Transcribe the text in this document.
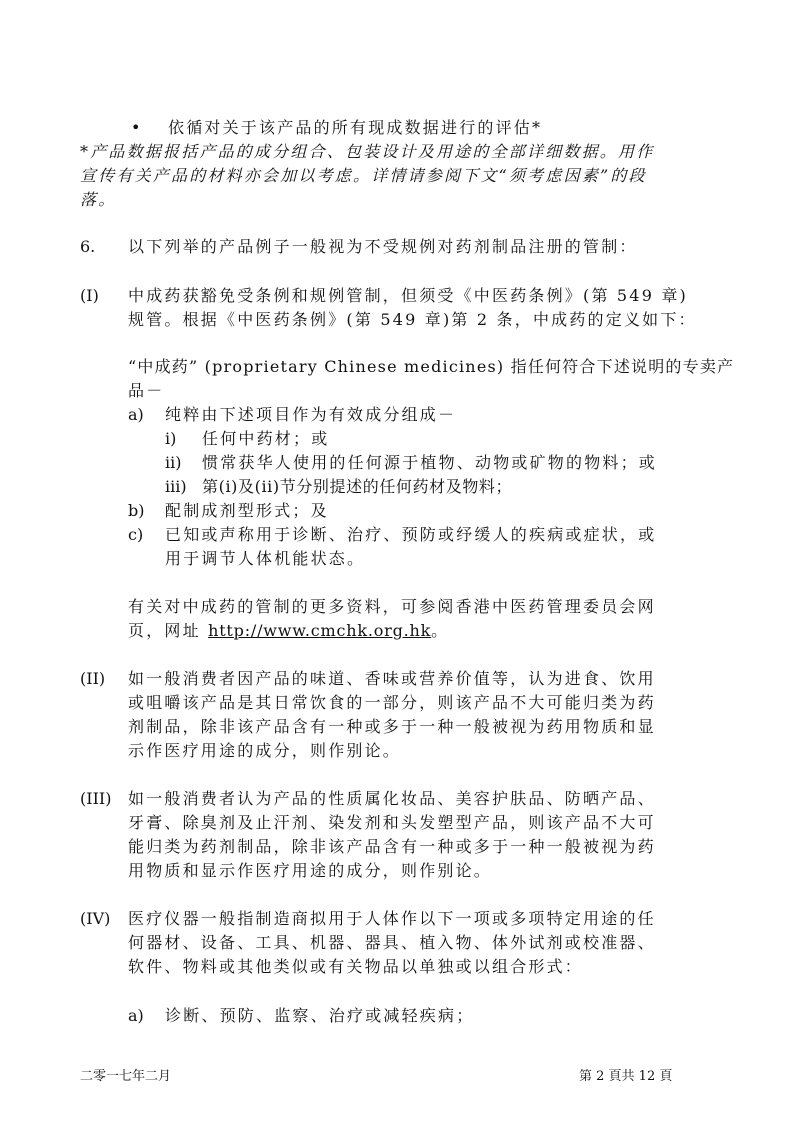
• 依循对关于该产品的所有现成数据进行的评估*
*产品数据报括产品的成分组合、包装设计及用途的全部详细数据。用作
宣传有关产品的材料亦会加以考虑。详情请参阅下文“须考虑因素”的段
落。
6. 以下列举的产品例子一般视为不受规例对药剂制品注册的管制：
(I) 中成药获豁免受条例和规例管制，但须受《中医药条例》(第 549 章)
规管。根据《中医药条例》(第 549 章)第 2 条，中成药的定义如下：
“中成药” (proprietary Chinese medicines) 指任何符合下述说明的专卖产
品－
a) 纯粹由下述项目作为有效成分组成－
i) 任何中药材；或
ii) 惯常获华人使用的任何源于植物、动物或矿物的物料；或
iii) 第(i)及(ii)节分别提述的任何药材及物料；
b) 配制成剂型形式；及
c) 已知或声称用于诊断、治疗、预防或纾缓人的疾病或症状，或
用于调节人体机能状态。
有关对中成药的管制的更多资料，可参阅香港中医药管理委员会网
页，网址 http://www.cmchk.org.hk。
(II) 如一般消费者因产品的味道、香味或营养价值等，认为进食、饮用
或咀嚼该产品是其日常饮食的一部分，则该产品不大可能归类为药
剂制品，除非该产品含有一种或多于一种一般被视为药用物质和显
示作医疗用途的成分，则作别论。
(III) 如一般消费者认为产品的性质属化妆品、美容护肤品、防晒产品、
牙膏、除臭剂及止汗剂、染发剂和头发塑型产品，则该产品不大可
能归类为药剂制品，除非该产品含有一种或多于一种一般被视为药
用物质和显示作医疗用途的成分，则作别论。
(IV) 医疗仪器一般指制造商拟用于人体作以下一项或多项特定用途的任
何器材、设备、工具、机器、器具、植入物、体外试剂或校准器、
软件、物料或其他类似或有关物品以单独或以组合形式：
a) 诊断、预防、监察、治疗或减轻疾病；
二零一七年二月	第 2 頁共 12 頁
